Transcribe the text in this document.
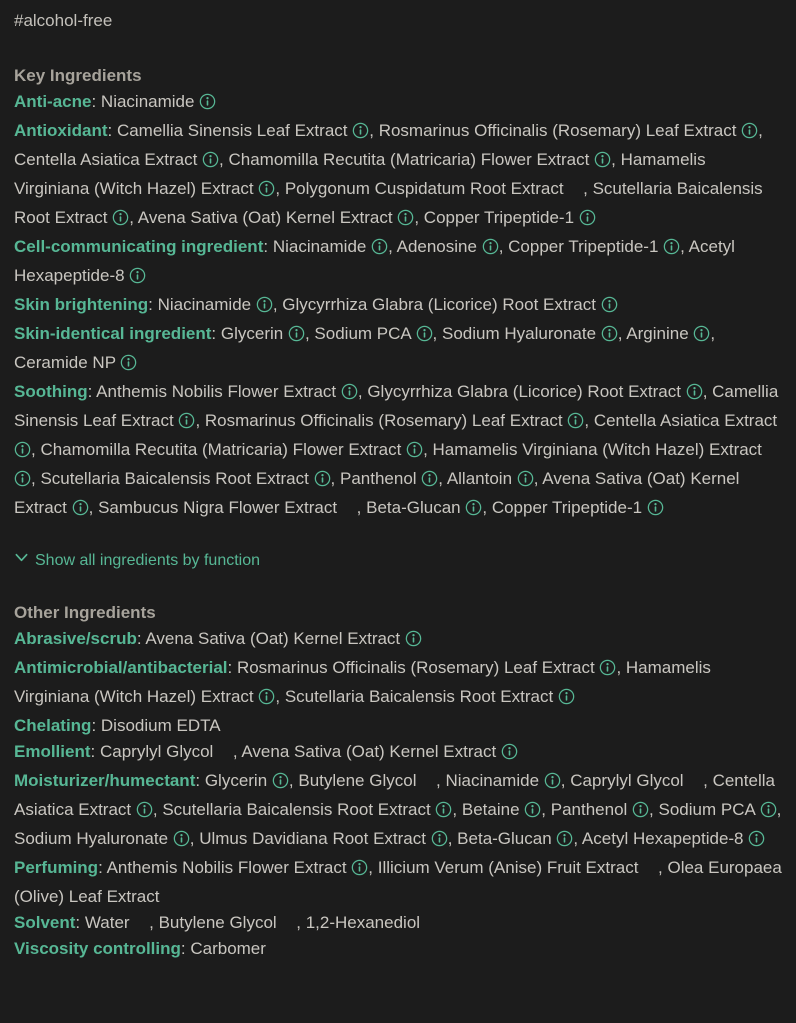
#alcohol-free
Key Ingredients

Anti-acne: Niacinamide

Antioxidant: Camellia Sinensis Leaf Extract , Rosmarinus Officinalis (Rosemary) Leaf Extract , Centella Asiatica Extract , Chamomilla Recutita (Matricaria) Flower Extract , Hamamelis Virginiana (Witch Hazel) Extract , Polygonum Cuspidatum Root Extract , Scutellaria Baicalensis Root Extract , Avena Sativa (Oat) Kernel Extract , Copper Tripeptide-1

Cell-communicating ingredient: Niacinamide , Adenosine , Copper Tripeptide-1 , Acetyl Hexapeptide-8

Skin brightening: Niacinamide , Glycyrrhiza Glabra (Licorice) Root Extract

Skin-identical ingredient: Glycerin , Sodium PCA , Sodium Hyaluronate , Arginine , Ceramide NP

Soothing: Anthemis Nobilis Flower Extract , Glycyrrhiza Glabra (Licorice) Root Extract , Camellia Sinensis Leaf Extract , Rosmarinus Officinalis (Rosemary) Leaf Extract , Centella Asiatica Extract , Chamomilla Recutita (Matricaria) Flower Extract , Hamamelis Virginiana (Witch Hazel) Extract , Scutellaria Baicalensis Root Extract , Panthenol , Allantoin , Avena Sativa (Oat) Kernel Extract , Sambucus Nigra Flower Extract , Beta-Glucan , Copper Tripeptide-1

Show all ingredients by function
Other Ingredients

Abrasive/scrub: Avena Sativa (Oat) Kernel Extract

Antimicrobial/antibacterial: Rosmarinus Officinalis (Rosemary) Leaf Extract , Hamamelis Virginiana (Witch Hazel) Extract , Scutellaria Baicalensis Root Extract

Chelating: Disodium EDTA

Emollient: Caprylyl Glycol , Avena Sativa (Oat) Kernel Extract

Moisturizer/humectant: Glycerin , Butylene Glycol , Niacinamide , Caprylyl Glycol , Centella Asiatica Extract , Scutellaria Baicalensis Root Extract , Betaine , Panthenol , Sodium PCA , Sodium Hyaluronate , Ulmus Davidiana Root Extract , Beta-Glucan , Acetyl Hexapeptide-8

Perfuming: Anthemis Nobilis Flower Extract , Illicium Verum (Anise) Fruit Extract , Olea Europaea (Olive) Leaf Extract

Solvent: Water , Butylene Glycol , 1,2-Hexanediol

Viscosity controlling: Carbomer
